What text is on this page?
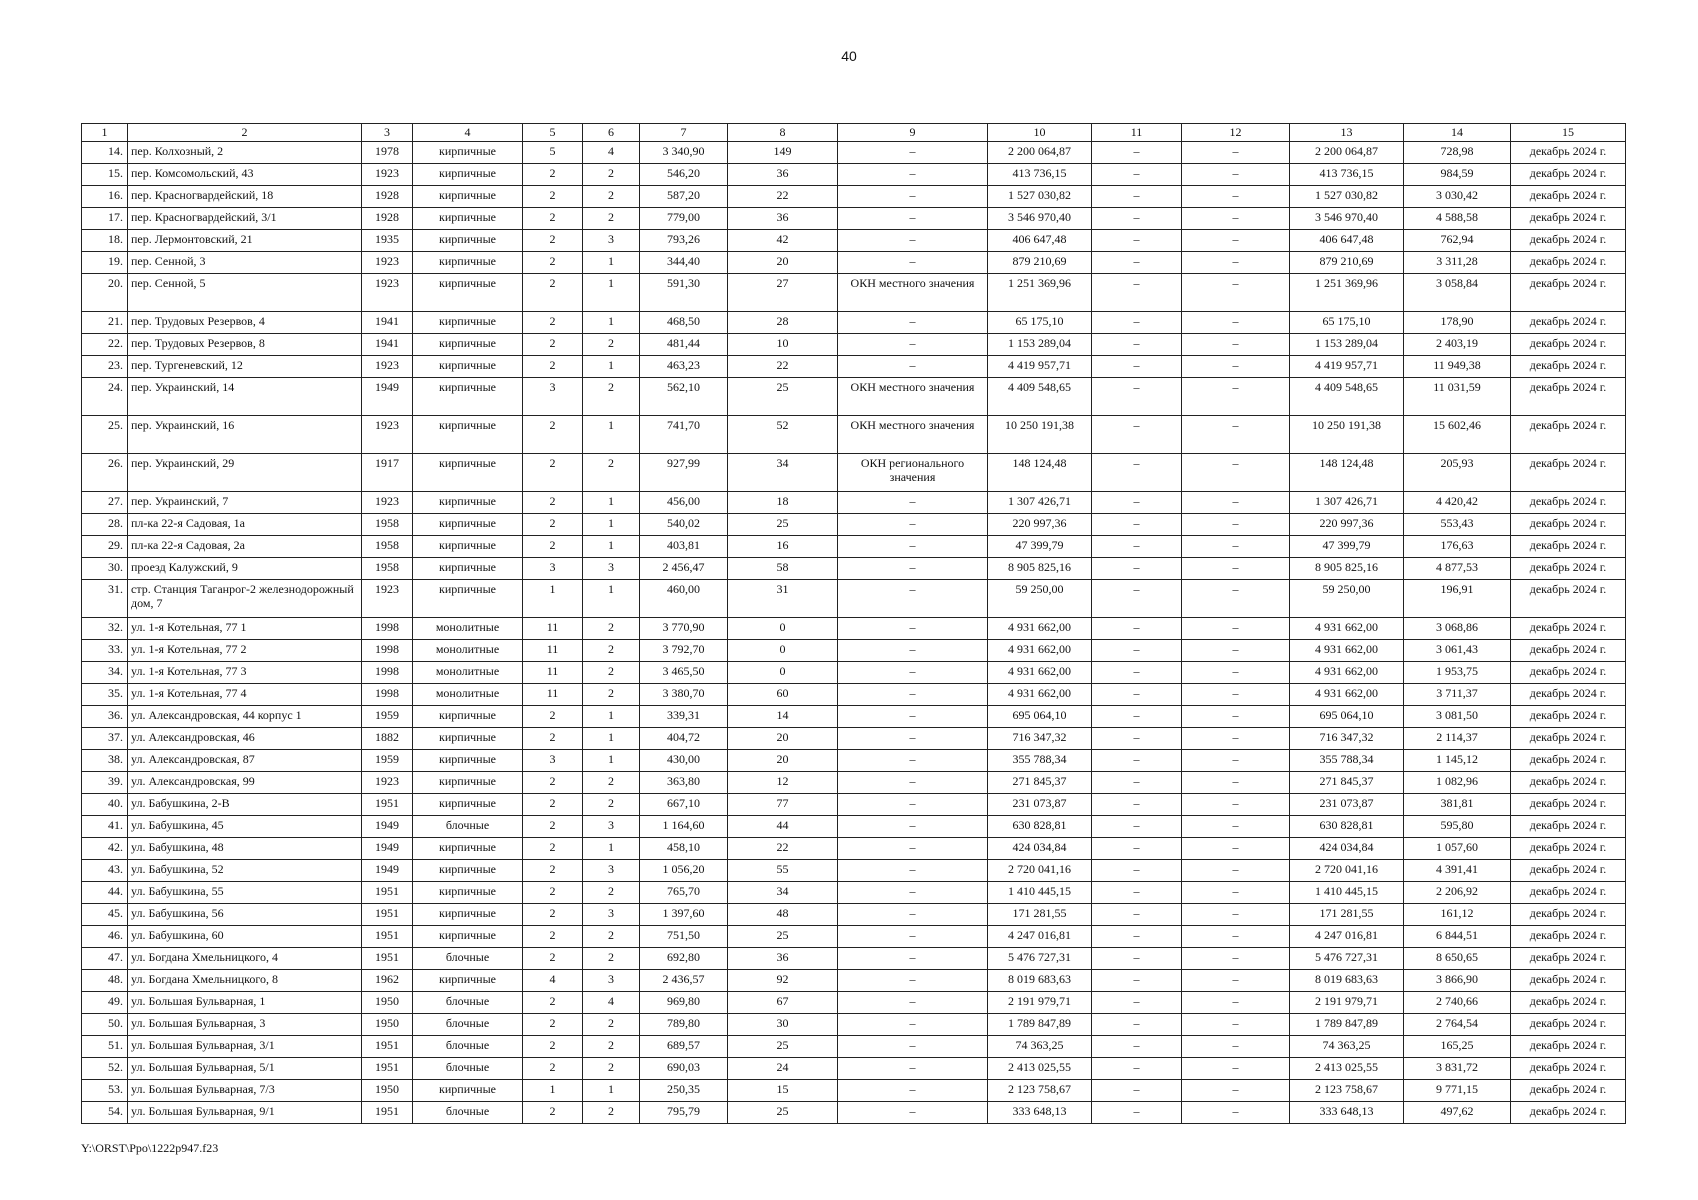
40
1	2	3	4	5	6	7	8	9	10	11	12	13	14	15
14.	пер. Колхозный, 2	1978	кирпичные	5	4	3 340,90	149	–	2 200 064,87	–	–	2 200 064,87	728,98	декабрь 2024 г.
15.	пер. Комсомольский, 43	1923	кирпичные	2	2	546,20	36	–	413 736,15	–	–	413 736,15	984,59	декабрь 2024 г.
16.	пер. Красногвардейский, 18	1928	кирпичные	2	2	587,20	22	–	1 527 030,82	–	–	1 527 030,82	3 030,42	декабрь 2024 г.
17.	пер. Красногвардейский, 3/1	1928	кирпичные	2	2	779,00	36	–	3 546 970,40	–	–	3 546 970,40	4 588,58	декабрь 2024 г.
18.	пер. Лермонтовский, 21	1935	кирпичные	2	3	793,26	42	–	406 647,48	–	–	406 647,48	762,94	декабрь 2024 г.
19.	пер. Сенной, 3	1923	кирпичные	2	1	344,40	20	–	879 210,69	–	–	879 210,69	3 311,28	декабрь 2024 г.
20.	пер. Сенной, 5	1923	кирпичные	2	1	591,30	27	ОКН местного значения	1 251 369,96	–	–	1 251 369,96	3 058,84	декабрь 2024 г.
21.	пер. Трудовых Резервов, 4	1941	кирпичные	2	1	468,50	28	–	65 175,10	–	–	65 175,10	178,90	декабрь 2024 г.
22.	пер. Трудовых Резервов, 8	1941	кирпичные	2	2	481,44	10	–	1 153 289,04	–	–	1 153 289,04	2 403,19	декабрь 2024 г.
23.	пер. Тургеневский, 12	1923	кирпичные	2	1	463,23	22	–	4 419 957,71	–	–	4 419 957,71	11 949,38	декабрь 2024 г.
24.	пер. Украинский, 14	1949	кирпичные	3	2	562,10	25	ОКН местного значения	4 409 548,65	–	–	4 409 548,65	11 031,59	декабрь 2024 г.
25.	пер. Украинский, 16	1923	кирпичные	2	1	741,70	52	ОКН местного значения	10 250 191,38	–	–	10 250 191,38	15 602,46	декабрь 2024 г.
26.	пер. Украинский, 29	1917	кирпичные	2	2	927,99	34	ОКН регионального значения	148 124,48	–	–	148 124,48	205,93	декабрь 2024 г.
27.	пер. Украинский, 7	1923	кирпичные	2	1	456,00	18	–	1 307 426,71	–	–	1 307 426,71	4 420,42	декабрь 2024 г.
28.	пл-ка 22-я Садовая, 1а	1958	кирпичные	2	1	540,02	25	–	220 997,36	–	–	220 997,36	553,43	декабрь 2024 г.
29.	пл-ка 22-я Садовая, 2а	1958	кирпичные	2	1	403,81	16	–	47 399,79	–	–	47 399,79	176,63	декабрь 2024 г.
30.	проезд Калужский, 9	1958	кирпичные	3	3	2 456,47	58	–	8 905 825,16	–	–	8 905 825,16	4 877,53	декабрь 2024 г.
31.	стр. Станция Таганрог-2 железнодорожный дом, 7	1923	кирпичные	1	1	460,00	31	–	59 250,00	–	–	59 250,00	196,91	декабрь 2024 г.
32.	ул. 1-я Котельная, 77 1	1998	монолитные	11	2	3 770,90	0	–	4 931 662,00	–	–	4 931 662,00	3 068,86	декабрь 2024 г.
33.	ул. 1-я Котельная, 77 2	1998	монолитные	11	2	3 792,70	0	–	4 931 662,00	–	–	4 931 662,00	3 061,43	декабрь 2024 г.
34.	ул. 1-я Котельная, 77 3	1998	монолитные	11	2	3 465,50	0	–	4 931 662,00	–	–	4 931 662,00	1 953,75	декабрь 2024 г.
35.	ул. 1-я Котельная, 77 4	1998	монолитные	11	2	3 380,70	60	–	4 931 662,00	–	–	4 931 662,00	3 711,37	декабрь 2024 г.
36.	ул. Александровская, 44 корпус 1	1959	кирпичные	2	1	339,31	14	–	695 064,10	–	–	695 064,10	3 081,50	декабрь 2024 г.
37.	ул. Александровская, 46	1882	кирпичные	2	1	404,72	20	–	716 347,32	–	–	716 347,32	2 114,37	декабрь 2024 г.
38.	ул. Александровская, 87	1959	кирпичные	3	1	430,00	20	–	355 788,34	–	–	355 788,34	1 145,12	декабрь 2024 г.
39.	ул. Александровская, 99	1923	кирпичные	2	2	363,80	12	–	271 845,37	–	–	271 845,37	1 082,96	декабрь 2024 г.
40.	ул. Бабушкина, 2-В	1951	кирпичные	2	2	667,10	77	–	231 073,87	–	–	231 073,87	381,81	декабрь 2024 г.
41.	ул. Бабушкина, 45	1949	блочные	2	3	1 164,60	44	–	630 828,81	–	–	630 828,81	595,80	декабрь 2024 г.
42.	ул. Бабушкина, 48	1949	кирпичные	2	1	458,10	22	–	424 034,84	–	–	424 034,84	1 057,60	декабрь 2024 г.
43.	ул. Бабушкина, 52	1949	кирпичные	2	3	1 056,20	55	–	2 720 041,16	–	–	2 720 041,16	4 391,41	декабрь 2024 г.
44.	ул. Бабушкина, 55	1951	кирпичные	2	2	765,70	34	–	1 410 445,15	–	–	1 410 445,15	2 206,92	декабрь 2024 г.
45.	ул. Бабушкина, 56	1951	кирпичные	2	3	1 397,60	48	–	171 281,55	–	–	171 281,55	161,12	декабрь 2024 г.
46.	ул. Бабушкина, 60	1951	кирпичные	2	2	751,50	25	–	4 247 016,81	–	–	4 247 016,81	6 844,51	декабрь 2024 г.
47.	ул. Богдана Хмельницкого, 4	1951	блочные	2	2	692,80	36	–	5 476 727,31	–	–	5 476 727,31	8 650,65	декабрь 2024 г.
48.	ул. Богдана Хмельницкого, 8	1962	кирпичные	4	3	2 436,57	92	–	8 019 683,63	–	–	8 019 683,63	3 866,90	декабрь 2024 г.
49.	ул. Большая Бульварная, 1	1950	блочные	2	4	969,80	67	–	2 191 979,71	–	–	2 191 979,71	2 740,66	декабрь 2024 г.
50.	ул. Большая Бульварная, 3	1950	блочные	2	2	789,80	30	–	1 789 847,89	–	–	1 789 847,89	2 764,54	декабрь 2024 г.
51.	ул. Большая Бульварная, 3/1	1951	блочные	2	2	689,57	25	–	74 363,25	–	–	74 363,25	165,25	декабрь 2024 г.
52.	ул. Большая Бульварная, 5/1	1951	блочные	2	2	690,03	24	–	2 413 025,55	–	–	2 413 025,55	3 831,72	декабрь 2024 г.
53.	ул. Большая Бульварная, 7/3	1950	кирпичные	1	1	250,35	15	–	2 123 758,67	–	–	2 123 758,67	9 771,15	декабрь 2024 г.
54.	ул. Большая Бульварная, 9/1	1951	блочные	2	2	795,79	25	–	333 648,13	–	–	333 648,13	497,62	декабрь 2024 г.
Y:\ORST\Ppo\1222p947.f23
